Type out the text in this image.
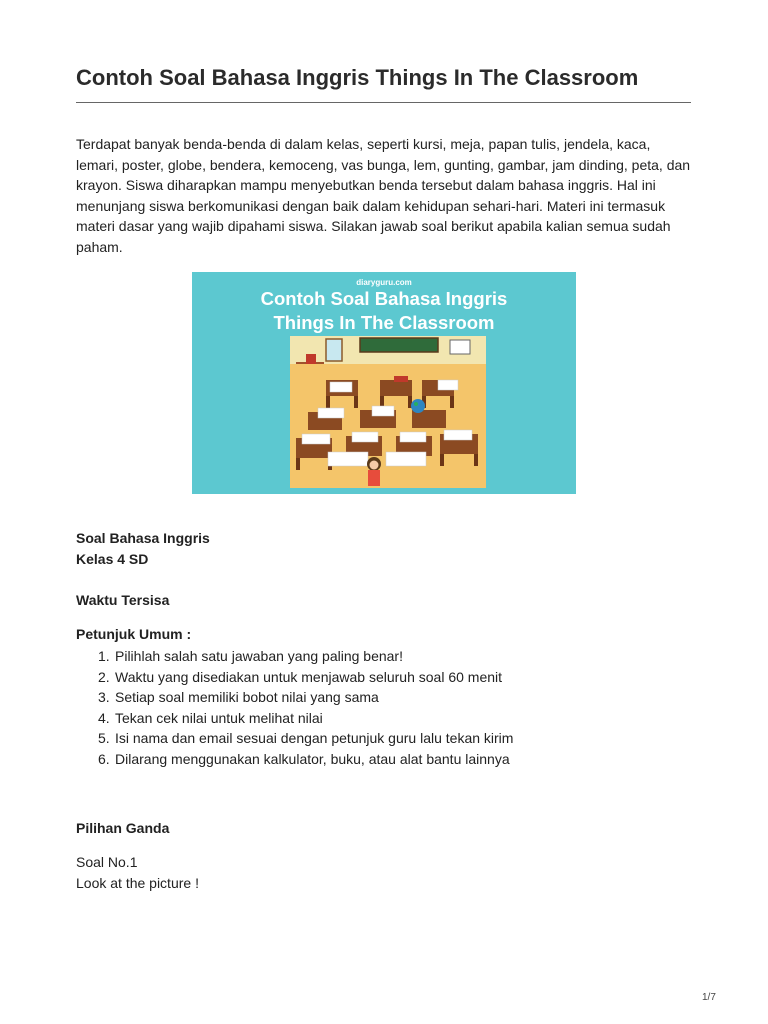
Contoh Soal Bahasa Inggris Things In The Classroom

Terdapat banyak benda-benda di dalam kelas, seperti kursi, meja, papan tulis, jendela, kaca, lemari, poster, globe, bendera, kemoceng, vas bunga, lem, gunting, gambar, jam dinding, peta, dan krayon. Siswa diharapkan mampu menyebutkan benda tersebut dalam bahasa inggris. Hal ini menunjang siswa berkomunikasi dengan baik dalam kehidupan sehari-hari. Materi ini termasuk materi dasar yang wajib dipahami siswa. Silakan jawab soal berikut apabila kalian semua sudah paham.

diaryguru.com
Contoh Soal Bahasa Inggris
Things In The Classroom

Soal Bahasa Inggris

Kelas 4 SD

Waktu Tersisa

Petunjuk Umum :

1. Pilihlah salah satu jawaban yang paling benar!
2. Waktu yang disediakan untuk menjawab seluruh soal 60 menit
3. Setiap soal memiliki bobot nilai yang sama
4. Tekan cek nilai untuk melihat nilai
5. Isi nama dan email sesuai dengan petunjuk guru lalu tekan kirim
6. Dilarang menggunakan kalkulator, buku, atau alat bantu lainnya

Pilihan Ganda

Soal No.1

Look at the picture !

1/7
